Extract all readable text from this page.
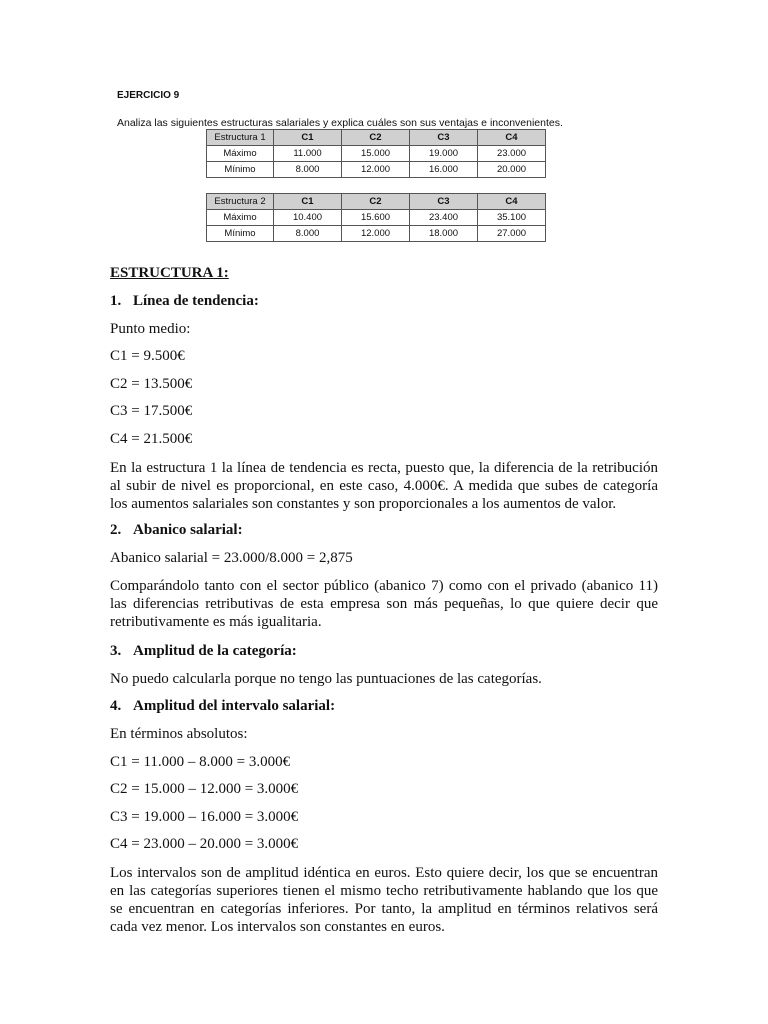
EJERCICIO 9
Analiza las siguientes estructuras salariales y explica cuáles son sus ventajas e inconvenientes.
Estructura 1	C1	C2	C3	C4
Máximo	11.000	15.000	19.000	23.000
Mínimo	8.000	12.000	16.000	20.000
Estructura 2	C1	C2	C3	C4
Máximo	10.400	15.600	23.400	35.100
Mínimo	8.000	12.000	18.000	27.000
ESTRUCTURA 1:
1. Línea de tendencia:
Punto medio:
C1 = 9.500€
C2 = 13.500€
C3 = 17.500€
C4 = 21.500€
En la estructura 1 la línea de tendencia es recta, puesto que, la diferencia de la retribución
al subir de nivel es proporcional, en este caso, 4.000€. A medida que subes de categoría
los aumentos salariales son constantes y son proporcionales a los aumentos de valor.
2. Abanico salarial:
Abanico salarial = 23.000/8.000 = 2,875
Comparándolo tanto con el sector público (abanico 7) como con el privado (abanico 11)
las diferencias retributivas de esta empresa son más pequeñas, lo que quiere decir que
retributivamente es más igualitaria.
3. Amplitud de la categoría:
No puedo calcularla porque no tengo las puntuaciones de las categorías.
4. Amplitud del intervalo salarial:
En términos absolutos:
C1 = 11.000 – 8.000 = 3.000€
C2 = 15.000 – 12.000 = 3.000€
C3 = 19.000 – 16.000 = 3.000€
C4 = 23.000 – 20.000 = 3.000€
Los intervalos son de amplitud idéntica en euros. Esto quiere decir, los que se encuentran
en las categorías superiores tienen el mismo techo retributivamente hablando que los que
se encuentran en categorías inferiores. Por tanto, la amplitud en términos relativos será
cada vez menor. Los intervalos son constantes en euros.
